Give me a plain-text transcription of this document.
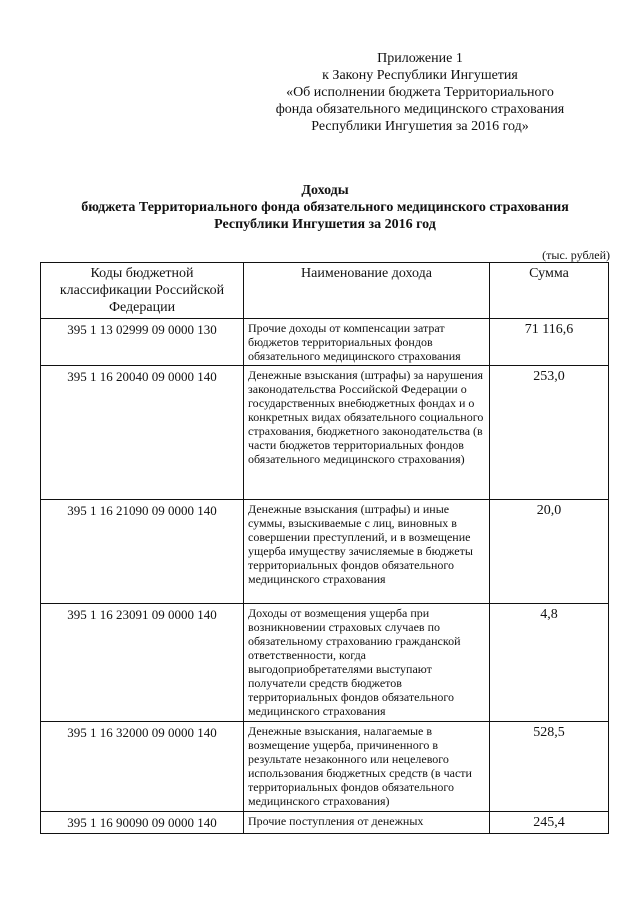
Приложение 1
к Закону Республики Ингушетия
«Об исполнении бюджета Территориального
фонда обязательного медицинского страхования
Республики Ингушетия за 2016 год»
Доходы
бюджета Территориального фонда обязательного медицинского страхования
Республики Ингушетия за 2016 год
(тыс. рублей)
Коды бюджетной классификации Российской Федерации	Наименование дохода	Сумма
395 1 13 02999 09 0000 130	Прочие доходы от компенсации затрат бюджетов территориальных фондов обязательного медицинского страхования	71 116,6
395 1 16 20040 09 0000 140	Денежные взыскания (штрафы) за нарушения законодательства Российской Федерации о государственных внебюджетных фондах и о конкретных видах обязательного социального страхования, бюджетного законодательства (в части бюджетов территориальных фондов обязательного медицинского страхования)	253,0
395 1 16 21090 09 0000 140	Денежные взыскания (штрафы) и иные суммы, взыскиваемые с лиц, виновных в совершении преступлений, и в возмещение ущерба имуществу зачисляемые в бюджеты территориальных фондов обязательного медицинского страхования	20,0
395 1 16 23091 09 0000 140	Доходы от возмещения ущерба при возникновении страховых случаев по обязательному страхованию гражданской ответственности, когда выгодоприобретателями выступают получатели средств бюджетов территориальных фондов обязательного медицинского страхования	4,8
395 1 16 32000 09 0000 140	Денежные взыскания, налагаемые в возмещение ущерба, причиненного в результате незаконного или нецелевого использования бюджетных средств (в части территориальных фондов обязательного медицинского страхования)	528,5
395 1 16 90090 09 0000 140	Прочие поступления от денежных	245,4
